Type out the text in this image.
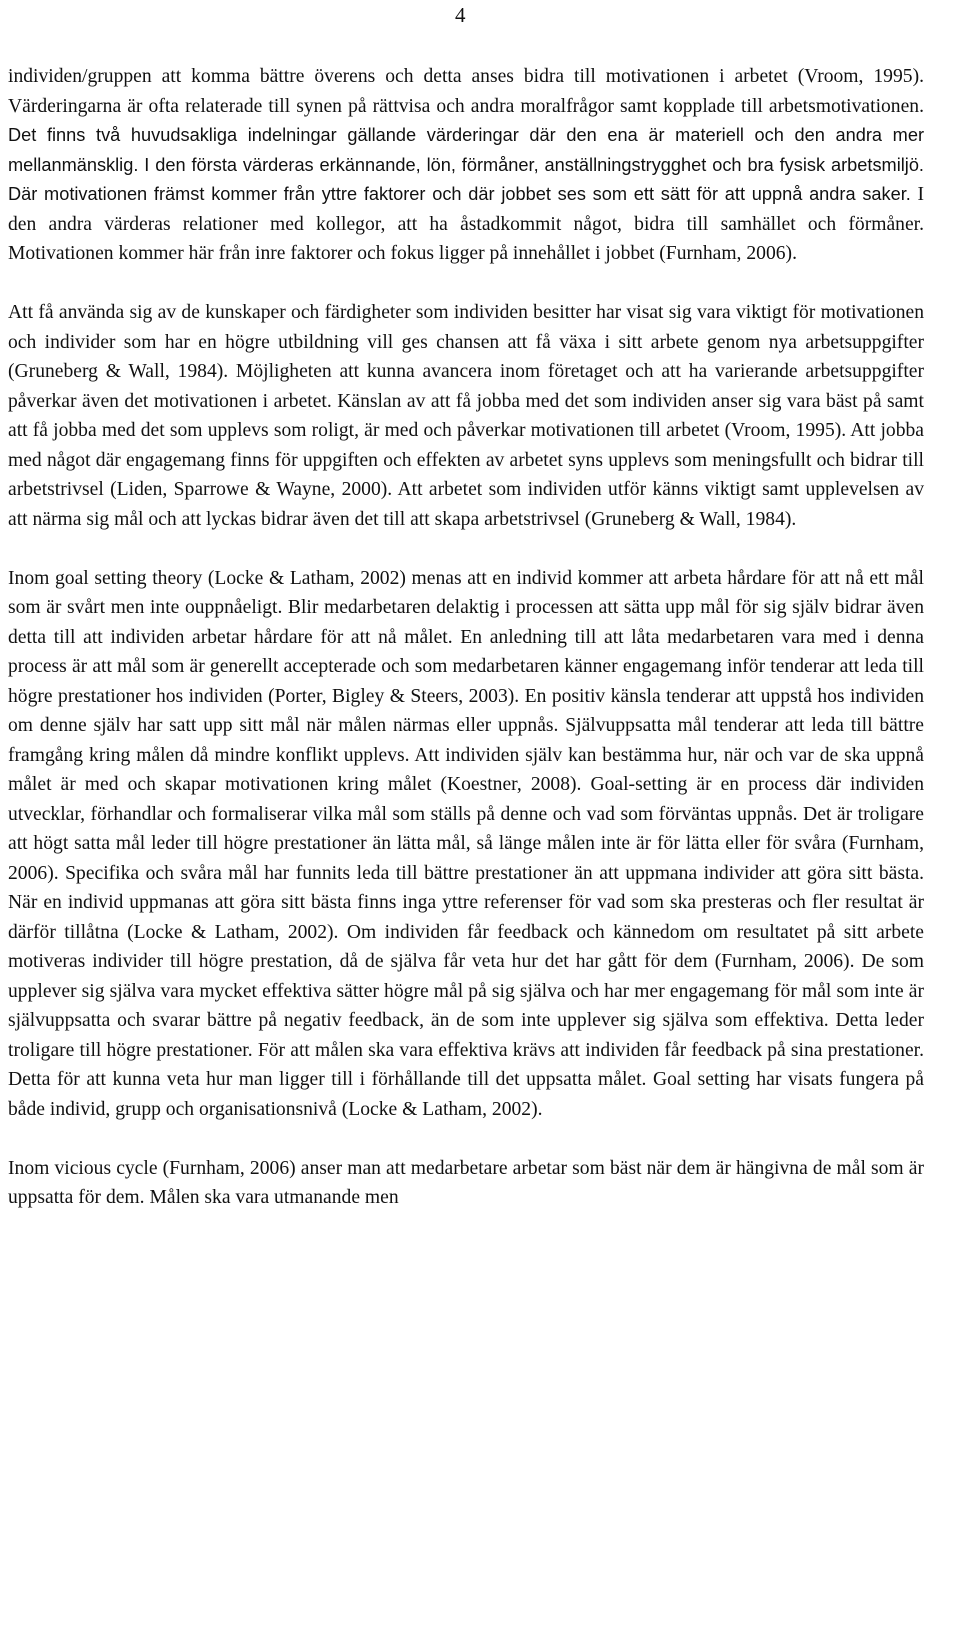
4

individen/gruppen att komma bättre överens och detta anses bidra till motivationen i arbetet (Vroom, 1995). Värderingarna är ofta relaterade till synen på rättvisa och andra moralfrågor samt kopplade till arbetsmotivationen. Det finns två huvudsakliga indelningar gällande värderingar där den ena är materiell och den andra mer mellanmänsklig. I den första värderas erkännande, lön, förmåner, anställningstrygghet och bra fysisk arbetsmiljö. Där motivationen främst kommer från yttre faktorer och där jobbet ses som ett sätt för att uppnå andra saker. I den andra värderas relationer med kollegor, att ha åstadkommit något, bidra till samhället och förmåner. Motivationen kommer här från inre faktorer och fokus ligger på innehållet i jobbet (Furnham, 2006).

Att få använda sig av de kunskaper och färdigheter som individen besitter har visat sig vara viktigt för motivationen och individer som har en högre utbildning vill ges chansen att få växa i sitt arbete genom nya arbetsuppgifter (Gruneberg & Wall, 1984). Möjligheten att kunna avancera inom företaget och att ha varierande arbetsuppgifter påverkar även det motivationen i arbetet. Känslan av att få jobba med det som individen anser sig vara bäst på samt att få jobba med det som upplevs som roligt, är med och påverkar motivationen till arbetet (Vroom, 1995). Att jobba med något där engagemang finns för uppgiften och effekten av arbetet syns upplevs som meningsfullt och bidrar till arbetstrivsel (Liden, Sparrowe & Wayne, 2000). Att arbetet som individen utför känns viktigt samt upplevelsen av att närma sig mål och att lyckas bidrar även det till att skapa arbetstrivsel (Gruneberg & Wall, 1984).

Inom goal setting theory (Locke & Latham, 2002) menas att en individ kommer att arbeta hårdare för att nå ett mål som är svårt men inte ouppnåeligt. Blir medarbetaren delaktig i processen att sätta upp mål för sig själv bidrar även detta till att individen arbetar hårdare för att nå målet. En anledning till att låta medarbetaren vara med i denna process är att mål som är generellt accepterade och som medarbetaren känner engagemang inför tenderar att leda till högre prestationer hos individen (Porter, Bigley & Steers, 2003). En positiv känsla tenderar att uppstå hos individen om denne själv har satt upp sitt mål när målen närmas eller uppnås. Självuppsatta mål tenderar att leda till bättre framgång kring målen då mindre konflikt upplevs. Att individen själv kan bestämma hur, när och var de ska uppnå målet är med och skapar motivationen kring målet (Koestner, 2008). Goal-setting är en process där individen utvecklar, förhandlar och formaliserar vilka mål som ställs på denne och vad som förväntas uppnås. Det är troligare att högt satta mål leder till högre prestationer än lätta mål, så länge målen inte är för lätta eller för svåra (Furnham, 2006). Specifika och svåra mål har funnits leda till bättre prestationer än att uppmana individer att göra sitt bästa. När en individ uppmanas att göra sitt bästa finns inga yttre referenser för vad som ska presteras och fler resultat är därför tillåtna (Locke & Latham, 2002). Om individen får feedback och kännedom om resultatet på sitt arbete motiveras individer till högre prestation, då de själva får veta hur det har gått för dem (Furnham, 2006). De som upplever sig själva vara mycket effektiva sätter högre mål på sig själva och har mer engagemang för mål som inte är självuppsatta och svarar bättre på negativ feedback, än de som inte upplever sig själva som effektiva. Detta leder troligare till högre prestationer. För att målen ska vara effektiva krävs att individen får feedback på sina prestationer. Detta för att kunna veta hur man ligger till i förhållande till det uppsatta målet. Goal setting har visats fungera på både individ, grupp och organisationsnivå (Locke & Latham, 2002).

Inom vicious cycle (Furnham, 2006) anser man att medarbetare arbetar som bäst när dem är hängivna de mål som är uppsatta för dem. Målen ska vara utmanande men
